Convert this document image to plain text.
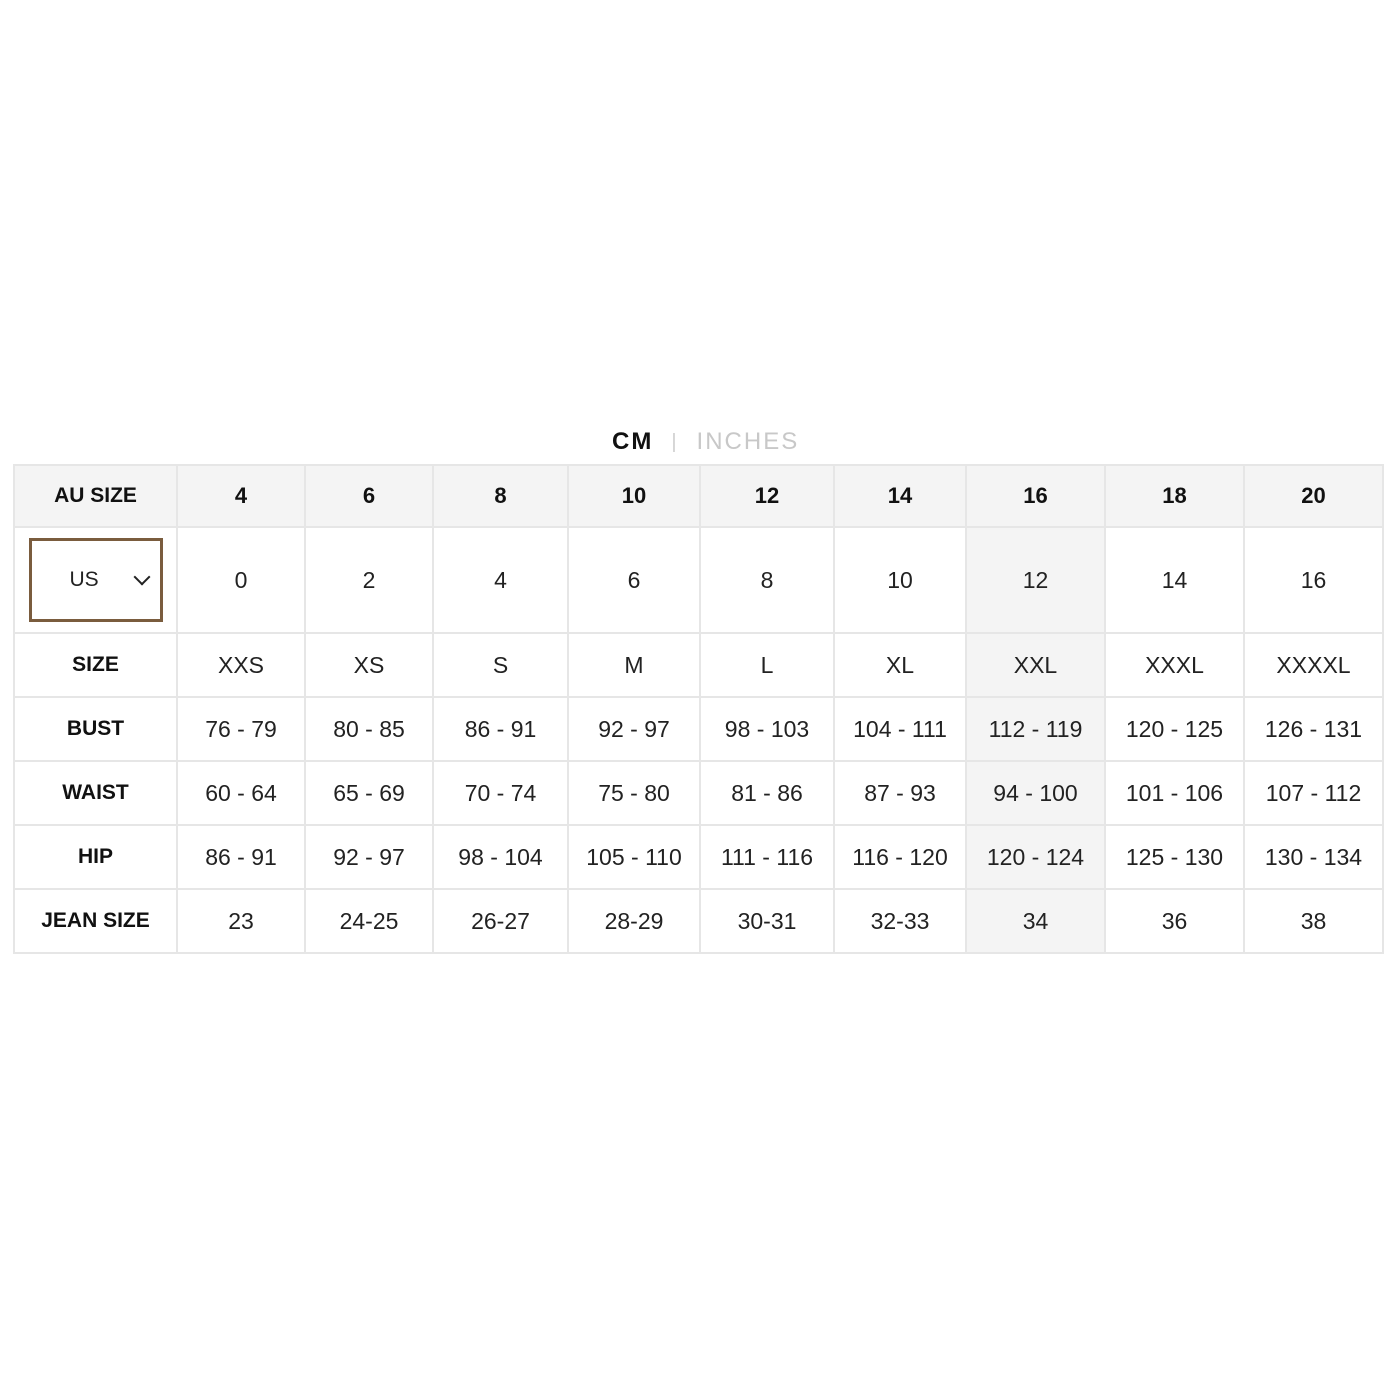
CM | INCHES
AU SIZE	4	6	8	10	12	14	16	18	20

US	0	2	4	6	8	10	12	14	16
SIZE	XXS	XS	S	M	L	XL	XXL	XXXL	XXXXL
BUST	76 - 79	80 - 85	86 - 91	92 - 97	98 - 103	104 - 111	112 - 119	120 - 125	126 - 131
WAIST	60 - 64	65 - 69	70 - 74	75 - 80	81 - 86	87 - 93	94 - 100	101 - 106	107 - 112
HIP	86 - 91	92 - 97	98 - 104	105 - 110	111 - 116	116 - 120	120 - 124	125 - 130	130 - 134
JEAN SIZE	23	24-25	26-27	28-29	30-31	32-33	34	36	38
